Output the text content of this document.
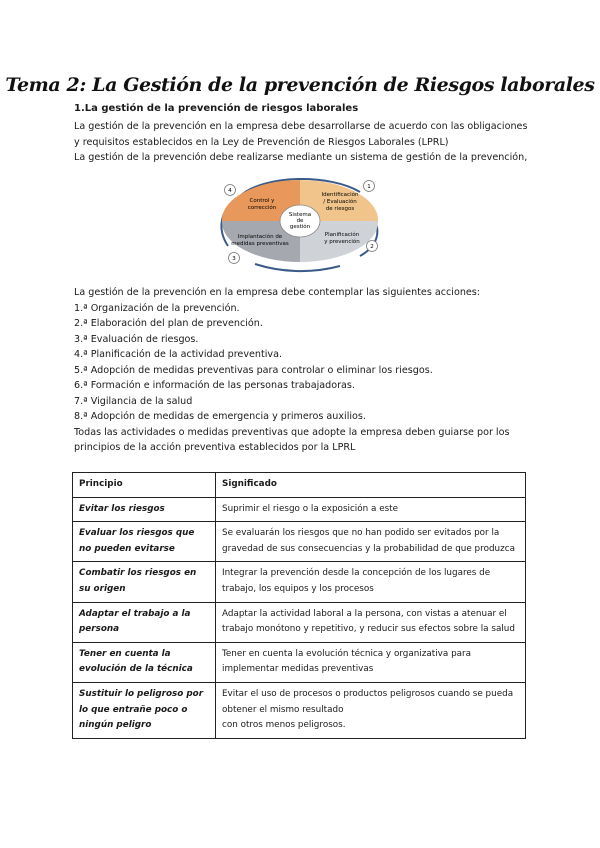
Tema 2: La Gestión de la prevención de Riesgos laborales
1.La gestión de la prevención de riesgos laborales
La gestión de la prevención en la empresa debe desarrollarse de acuerdo con las obligaciones y requisitos establecidos en la Ley de Prevención de Riesgos Laborales (LPRL)
La gestión de la prevención debe realizarse mediante un sistema de gestión de la prevención,
Sistema
de
gestión
Identificación
/ Evaluación
de riesgos
Planificación
y prevención
Implantación de
medidas preventivas
Control y
corrección
1
2
3
4
La gestión de la prevención en la empresa debe contemplar las siguientes acciones:
1.ª Organización de la prevención.
2.ª Elaboración del plan de prevención.
3.ª Evaluación de riesgos.
4.ª Planificación de la actividad preventiva.
5.ª Adopción de medidas preventivas para controlar o eliminar los riesgos.
6.ª Formación e información de las personas trabajadoras.
7.ª Vigilancia de la salud
8.ª Adopción de medidas de emergencia y primeros auxilios.
Todas las actividades o medidas preventivas que adopte la empresa deben guiarse por los principios de la acción preventiva establecidos por la LPRL
Principio	Significado
Evitar los riesgos	Suprimir el riesgo o la exposición a este
Evaluar los riesgos que no pueden evitarse	Se evaluarán los riesgos que no han podido ser evitados por la gravedad de sus consecuencias y la probabilidad de que produzca
Combatir los riesgos en su origen	Integrar la prevención desde la concepción de los lugares de trabajo, los equipos y los procesos
Adaptar el trabajo a la persona	Adaptar la actividad laboral a la persona, con vistas a atenuar el trabajo monótono y repetitivo, y reducir sus efectos sobre la salud
Tener en cuenta la evolución de la técnica	Tener en cuenta la evolución técnica y organizativa para implementar medidas preventivas
Sustituir lo peligroso por lo que entrañe poco o ningún peligro	Evitar el uso de procesos o productos peligrosos cuando se pueda obtener el mismo resultado
con otros menos peligrosos.
